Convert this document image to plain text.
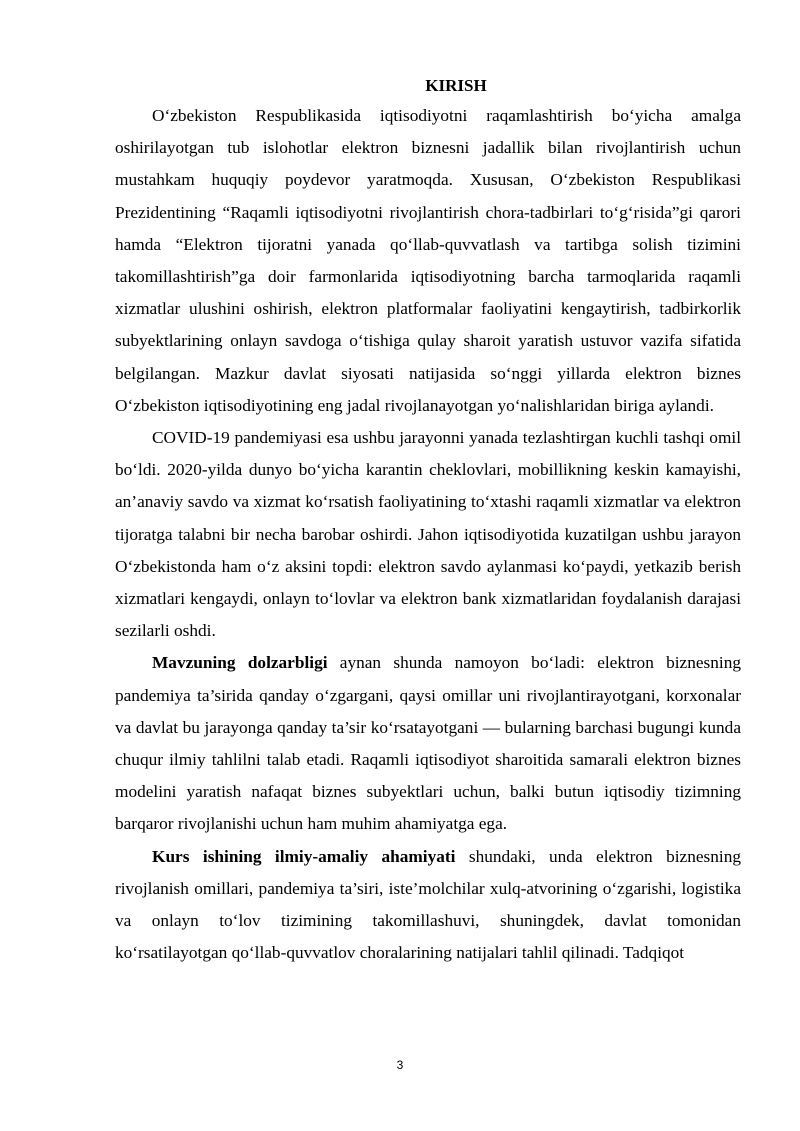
KIRISH

O‘zbekiston Respublikasida iqtisodiyotni raqamlashtirish bo‘yicha amalga oshirilayotgan tub islohotlar elektron biznesni jadallik bilan rivojlantirish uchun mustahkam huquqiy poydevor yaratmoqda. Xususan, O‘zbekiston Respublikasi Prezidentining “Raqamli iqtisodiyotni rivojlantirish chora-tadbirlari to‘g‘risida”gi qarori hamda “Elektron tijoratni yanada qo‘llab-quvvatlash va tartibga solish tizimini takomillashtirish”ga doir farmonlarida iqtisodiyotning barcha tarmoqlarida raqamli xizmatlar ulushini oshirish, elektron platformalar faoliyatini kengaytirish, tadbirkorlik subyektlarining onlayn savdoga o‘tishiga qulay sharoit yaratish ustuvor vazifa sifatida belgilangan. Mazkur davlat siyosati natijasida so‘nggi yillarda elektron biznes O‘zbekiston iqtisodiyotining eng jadal rivojlanayotgan yo‘nalishlaridan biriga aylandi.

COVID-19 pandemiyasi esa ushbu jarayonni yanada tezlashtirgan kuchli tashqi omil bo‘ldi. 2020-yilda dunyo bo‘yicha karantin cheklovlari, mobillikning keskin kamayishi, an’anaviy savdo va xizmat ko‘rsatish faoliyatining to‘xtashi raqamli xizmatlar va elektron tijoratga talabni bir necha barobar oshirdi. Jahon iqtisodiyotida kuzatilgan ushbu jarayon O‘zbekistonda ham o‘z aksini topdi: elektron savdo aylanmasi ko‘paydi, yetkazib berish xizmatlari kengaydi, onlayn to‘lovlar va elektron bank xizmatlaridan foydalanish darajasi sezilarli oshdi.

Mavzuning dolzarbligi aynan shunda namoyon bo‘ladi: elektron biznesning pandemiya ta’sirida qanday o‘zgargani, qaysi omillar uni rivojlantirayotgani, korxonalar va davlat bu jarayonga qanday ta’sir ko‘rsatayotgani — bularning barchasi bugungi kunda chuqur ilmiy tahlilni talab etadi. Raqamli iqtisodiyot sharoitida samarali elektron biznes modelini yaratish nafaqat biznes subyektlari uchun, balki butun iqtisodiy tizimning barqaror rivojlanishi uchun ham muhim ahamiyatga ega.

Kurs ishining ilmiy-amaliy ahamiyati shundaki, unda elektron biznesning rivojlanish omillari, pandemiya ta’siri, iste’molchilar xulq-atvorining o‘zgarishi, logistika va onlayn to‘lov tizimining takomillashuvi, shuningdek, davlat tomonidan ko‘rsatilayotgan qo‘llab-quvvatlov choralarining natijalari tahlil qilinadi. Tadqiqot

3
